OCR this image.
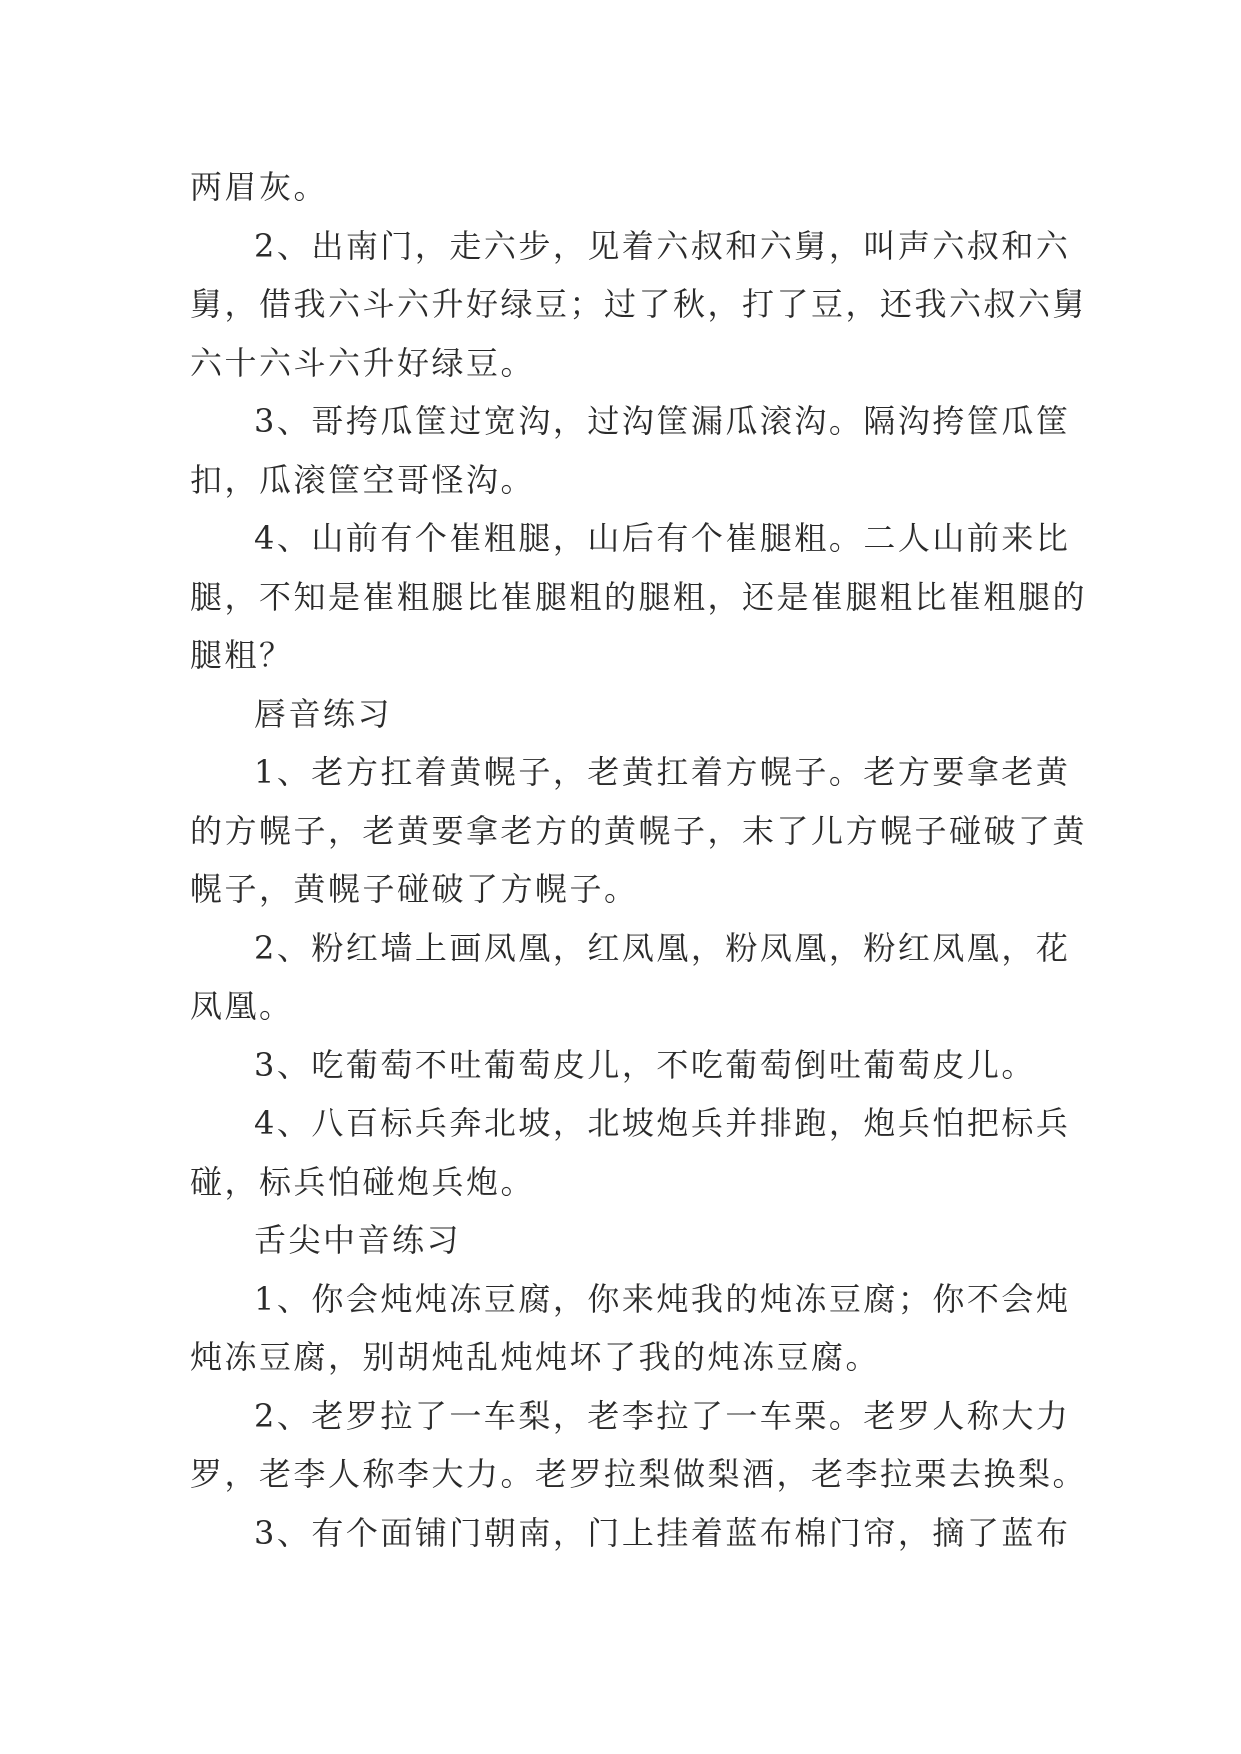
两眉灰。
2、出南门，走六步，见着六叔和六舅，叫声六叔和六
舅，借我六斗六升好绿豆；过了秋，打了豆，还我六叔六舅
六十六斗六升好绿豆。
3、哥挎瓜筐过宽沟，过沟筐漏瓜滚沟。隔沟挎筐瓜筐
扣，瓜滚筐空哥怪沟。
4、山前有个崔粗腿，山后有个崔腿粗。二人山前来比
腿，不知是崔粗腿比崔腿粗的腿粗，还是崔腿粗比崔粗腿的
腿粗？
唇音练习
1、老方扛着黄幌子，老黄扛着方幌子。老方要拿老黄
的方幌子，老黄要拿老方的黄幌子，末了儿方幌子碰破了黄
幌子，黄幌子碰破了方幌子。
2、粉红墙上画凤凰，红凤凰，粉凤凰，粉红凤凰，花
凤凰。
3、吃葡萄不吐葡萄皮儿，不吃葡萄倒吐葡萄皮儿。
4、八百标兵奔北坡，北坡炮兵并排跑，炮兵怕把标兵
碰，标兵怕碰炮兵炮。
舌尖中音练习
1、你会炖炖冻豆腐，你来炖我的炖冻豆腐；你不会炖
炖冻豆腐，别胡炖乱炖炖坏了我的炖冻豆腐。
2、老罗拉了一车梨，老李拉了一车栗。老罗人称大力
罗，老李人称李大力。老罗拉梨做梨酒，老李拉栗去换梨。
3、有个面铺门朝南，门上挂着蓝布棉门帘，摘了蓝布
